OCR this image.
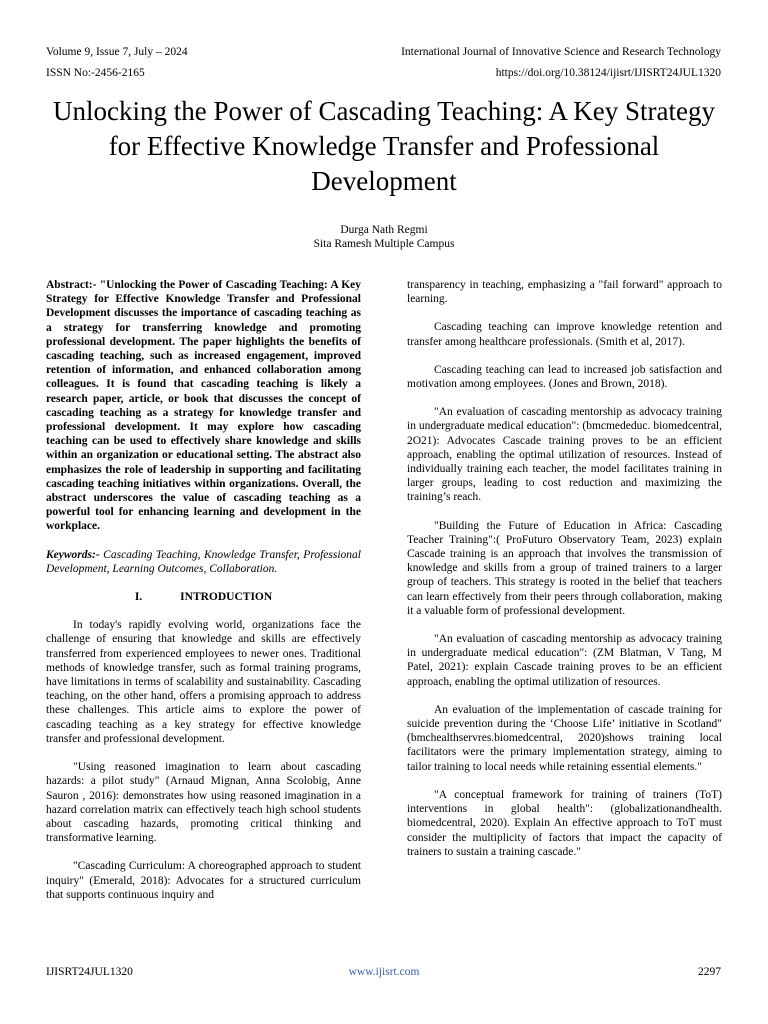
Volume 9, Issue 7, July – 2024	International Journal of Innovative Science and Research Technology
ISSN No:-2456-2165	https://doi.org/10.38124/ijisrt/IJISRT24JUL1320
Unlocking the Power of Cascading Teaching: A Key Strategy for Effective Knowledge Transfer and Professional Development
Durga Nath Regmi
Sita Ramesh Multiple Campus

Abstract:- "Unlocking the Power of Cascading Teaching: A Key Strategy for Effective Knowledge Transfer and Professional Development discusses the importance of cascading teaching as a strategy for transferring knowledge and promoting professional development. The paper highlights the benefits of cascading teaching, such as increased engagement, improved retention of information, and enhanced collaboration among colleagues. It is found that cascading teaching is likely a research paper, article, or book that discusses the concept of cascading teaching as a strategy for knowledge transfer and professional development. It may explore how cascading teaching can be used to effectively share knowledge and skills within an organization or educational setting. The abstract also emphasizes the role of leadership in supporting and facilitating cascading teaching initiatives within organizations. Overall, the abstract underscores the value of cascading teaching as a powerful tool for enhancing learning and development in the workplace.

Keywords:- Cascading Teaching, Knowledge Transfer, Professional Development, Learning Outcomes, Collaboration.

I.	INTRODUCTION

In today's rapidly evolving world, organizations face the challenge of ensuring that knowledge and skills are effectively transferred from experienced employees to newer ones. Traditional methods of knowledge transfer, such as formal training programs, have limitations in terms of scalability and sustainability. Cascading teaching, on the other hand, offers a promising approach to address these challenges. This article aims to explore the power of cascading teaching as a key strategy for effective knowledge transfer and professional development.

"Using reasoned imagination to learn about cascading hazards: a pilot study" (Arnaud Mignan, Anna Scolobig, Anne Sauron , 2016): demonstrates how using reasoned imagination in a hazard correlation matrix can effectively teach high school students about cascading hazards, promoting critical thinking and transformative learning.

"Cascading Curriculum: A choreographed approach to student inquiry" (Emerald, 2018): Advocates for a structured curriculum that supports continuous inquiry and

transparency in teaching, emphasizing a "fail forward" approach to learning.

Cascading teaching can improve knowledge retention and transfer among healthcare professionals. (Smith et al, 2017).

Cascading teaching can lead to increased job satisfaction and motivation among employees. (Jones and Brown, 2018).

"An evaluation of cascading mentorship as advocacy training in undergraduate medical education": (bmcmededuc. biomedcentral, 2O21): Advocates Cascade training proves to be an efficient approach, enabling the optimal utilization of resources. Instead of individually training each teacher, the model facilitates training in larger groups, leading to cost reduction and maximizing the training’s reach.

"Building the Future of Education in Africa: Cascading Teacher Training":( ProFuturo Observatory Team, 2023) explain Cascade training is an approach that involves the transmission of knowledge and skills from a group of trained trainers to a larger group of teachers. This strategy is rooted in the belief that teachers can learn effectively from their peers through collaboration, making it a valuable form of professional development.

"An evaluation of cascading mentorship as advocacy training in undergraduate medical education": (ZM Blatman, V Tang, M Patel, 2021): explain Cascade training proves to be an efficient approach, enabling the optimal utilization of resources.

An evaluation of the implementation of cascade training for suicide prevention during the ‘Choose Life’ initiative in Scotland" (bmchealthservres.biomedcentral, 2020)shows training local facilitators were the primary implementation strategy, aiming to tailor training to local needs while retaining essential elements."

"A conceptual framework for training of trainers (ToT) interventions in global health": (globalizationandhealth. biomedcentral, 2020). Explain An effective approach to ToT must consider the multiplicity of factors that impact the capacity of trainers to sustain a training cascade."

IJISRT24JUL1320	www.ijisrt.com	2297
